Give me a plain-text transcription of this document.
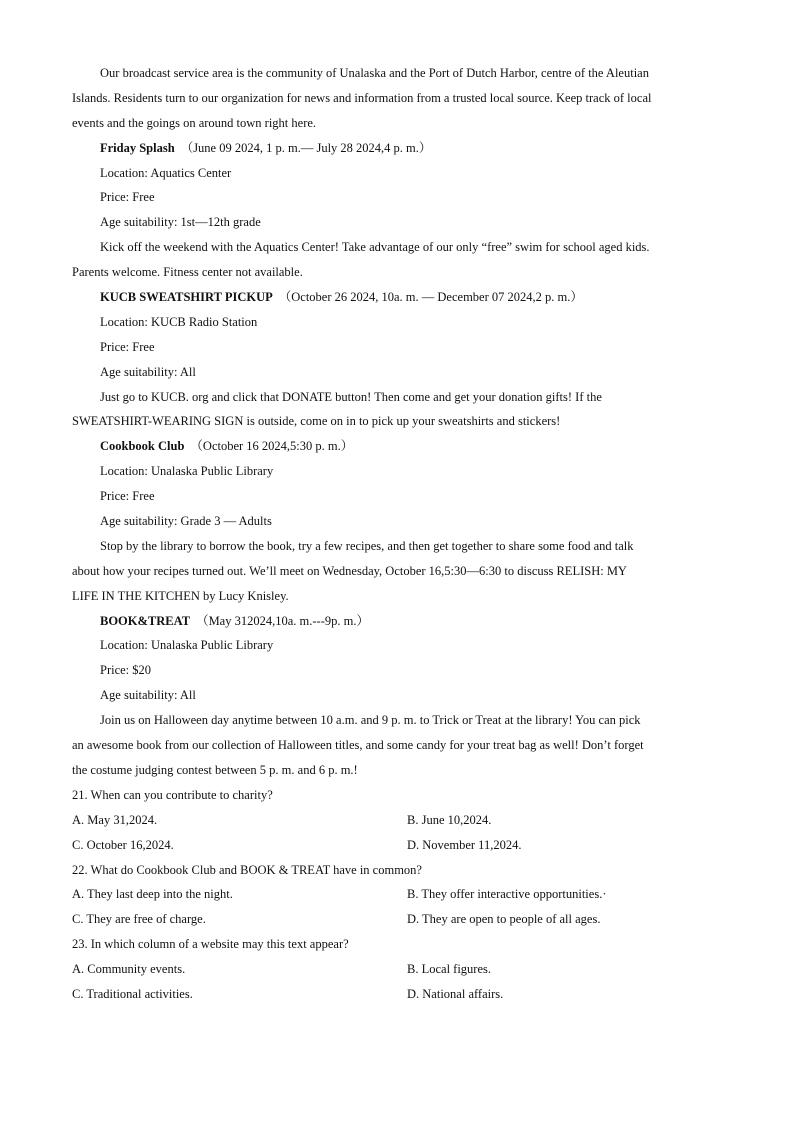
Our broadcast service area is the community of Unalaska and the Port of Dutch Harbor, centre of the Aleutian
Islands. Residents turn to our organization for news and information from a trusted local source. Keep track of local
events and the goings on around town right here.
Friday Splash （June 09 2024, 1 p. m.— July 28 2024,4 p. m.）
Location: Aquatics Center
Price: Free
Age suitability: 1st—12th grade
Kick off the weekend with the Aquatics Center! Take advantage of our only “free” swim for school aged kids.
Parents welcome. Fitness center not available.
KUCB SWEATSHIRT PICKUP （October 26 2024, 10a. m. — December 07 2024,2 p. m.）
Location: KUCB Radio Station
Price: Free
Age suitability: All
Just go to KUCB. org and click that DONATE button! Then come and get your donation gifts! If the
SWEATSHIRT-WEARING SIGN is outside, come on in to pick up your sweatshirts and stickers!
Cookbook Club （October 16 2024,5:30 p. m.）
Location: Unalaska Public Library
Price: Free
Age suitability: Grade 3 — Adults
Stop by the library to borrow the book, try a few recipes, and then get together to share some food and talk
about how your recipes turned out. We’ll meet on Wednesday, October 16,5:30—6:30 to discuss RELISH: MY
LIFE IN THE KITCHEN by Lucy Knisley.
BOOK&TREAT （May 312024,10a. m.---9p. m.）
Location: Unalaska Public Library
Price: $20
Age suitability: All
Join us on Halloween day anytime between 10 a.m. and 9 p. m. to Trick or Treat at the library! You can pick
an awesome book from our collection of Halloween titles, and some candy for your treat bag as well! Don’t forget
the costume judging contest between 5 p. m. and 6 p. m.!
21. When can you contribute to charity?
A. May 31,2024.	B. June 10,2024.
C. October 16,2024.	D. November 11,2024.
22. What do Cookbook Club and BOOK & TREAT have in common?
A. They last deep into the night.	B. They offer interactive opportunities.·
C. They are free of charge.	D. They are open to people of all ages.
23. In which column of a website may this text appear?
A. Community events.	B. Local figures.
C. Traditional activities.	D. National affairs.
